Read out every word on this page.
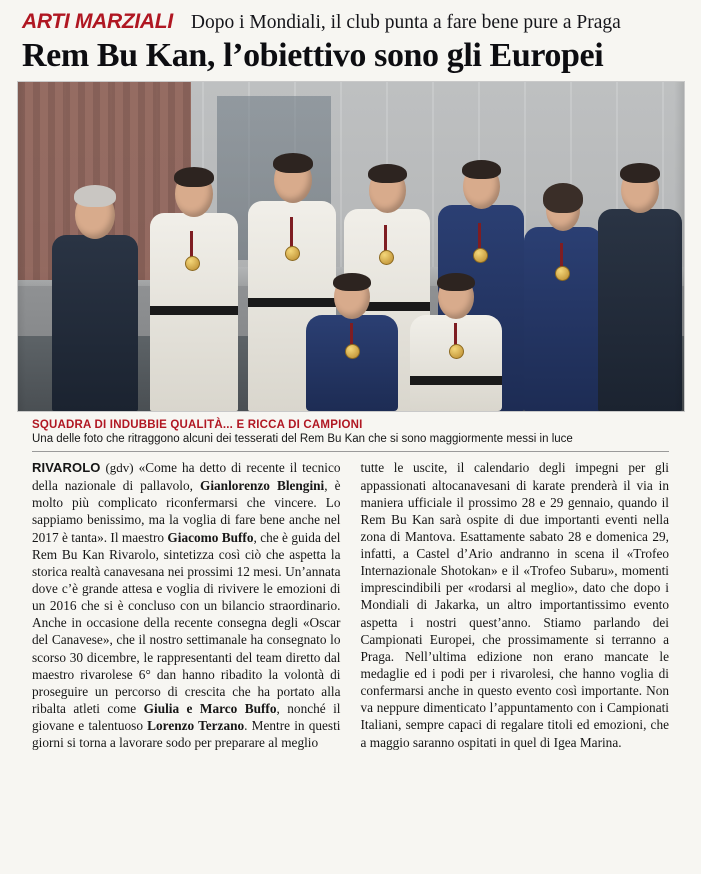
ARTI MARZIALI Dopo i Mondiali, il club punta a fare bene pure a Praga
Rem Bu Kan, l’obiettivo sono gli Europei
SQUADRA DI INDUBBIE QUALITÀ... E RICCA DI CAMPIONI
Una delle foto che ritraggono alcuni dei tesserati del Rem Bu Kan che si sono maggiormente messi in luce

RIVAROLO (gdv) «Come ha detto di recente il tecnico della nazionale di pallavolo, Gianlorenzo Blengini, è molto più complicato riconfermarsi che vincere. Lo sappiamo benissimo, ma la voglia di fare bene anche nel 2017 è tanta». Il maestro Giacomo Buffo, che è guida del Rem Bu Kan Rivarolo, sintetizza così ciò che aspetta la storica realtà canavesana nei prossimi 12 mesi. Un’annata dove c’è grande attesa e voglia di rivivere le emozioni di un 2016 che si è concluso con un bilancio straordinario. Anche in occasione della recente consegna degli «Oscar del Canavese», che il nostro settimanale ha consegnato lo scorso 30 dicembre, le rappresentanti del team diretto dal maestro rivarolese 6° dan hanno ribadito la volontà di proseguire un percorso di crescita che ha portato alla ribalta atleti come Giulia e Marco Buffo, nonché il giovane e talentuoso Lorenzo Terzano. Mentre in questi giorni si torna a lavorare sodo per preparare al meglio

tutte le uscite, il calendario degli impegni per gli appassionati altocanavesani di karate prenderà il via in maniera ufficiale il prossimo 28 e 29 gennaio, quando il Rem Bu Kan sarà ospite di due importanti eventi nella zona di Mantova. Esattamente sabato 28 e domenica 29, infatti, a Castel d’Ario andranno in scena il «Trofeo Internazionale Shotokan» e il «Trofeo Subaru», momenti imprescindibili per «rodarsi al meglio», dato che dopo i Mondiali di Jakarka, un altro importantissimo evento aspetta i nostri quest’anno. Stiamo parlando dei Campionati Europei, che prossimamente si terranno a Praga. Nell’ultima edizione non erano mancate le medaglie ed i podi per i rivarolesi, che hanno voglia di confermarsi anche in questo evento così importante. Non va neppure dimenticato l’appuntamento con i Campionati Italiani, sempre capaci di regalare titoli ed emozioni, che a maggio saranno ospitati in quel di Igea Marina.
